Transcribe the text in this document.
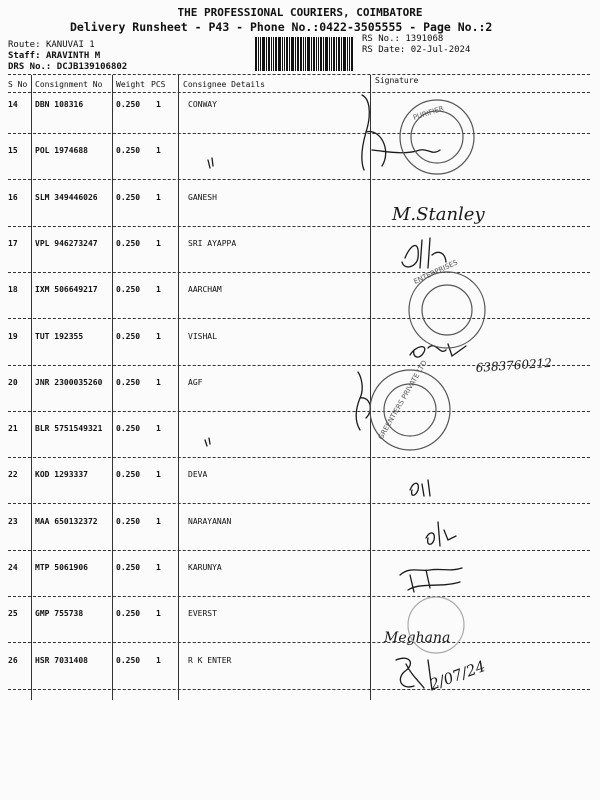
THE PROFESSIONAL COURIERS, COIMBATORE
Delivery Runsheet - P43 - Phone No.:0422-3505555 - Page No.:2
Route: KANUVAI 1
Staff: ARAVINTH M
DRS No.: DCJB139106802
RS No.: 1391068
RS Date: 02-Jul-2024
S No Consignment No Weight PCS Consignee Details	Signature
14 DBN 108316	0.250 1	CONWAY
15 POL 1974688	0.250 1
16 SLM 349446026 0.250 1	GANESH
17 VPL 946273247 0.250 1	SRI AYAPPA
18 IXM 506649217 0.250 1	AARCHAM
19 TUT 192355	0.250 1	VISHAL
20 JNR 2300035260 0.250 1	AGF
21 BLR 5751549321 0.250 1
22 KOD 1293337	0.250 1	DEVA
23 MAA 650132372 0.250 1	NARAYANAN
24 MTP 5061906	0.250 1	KARUNYA
25 GMP 755738	0.250 1	EVERST
26 HSR 7031408	0.250 1	R K ENTER
M.Stanley
6383760212
Meghana
2/07/24
PURIFIER
ENTERPRISES
GREENTIERS PRIVATE LTD
